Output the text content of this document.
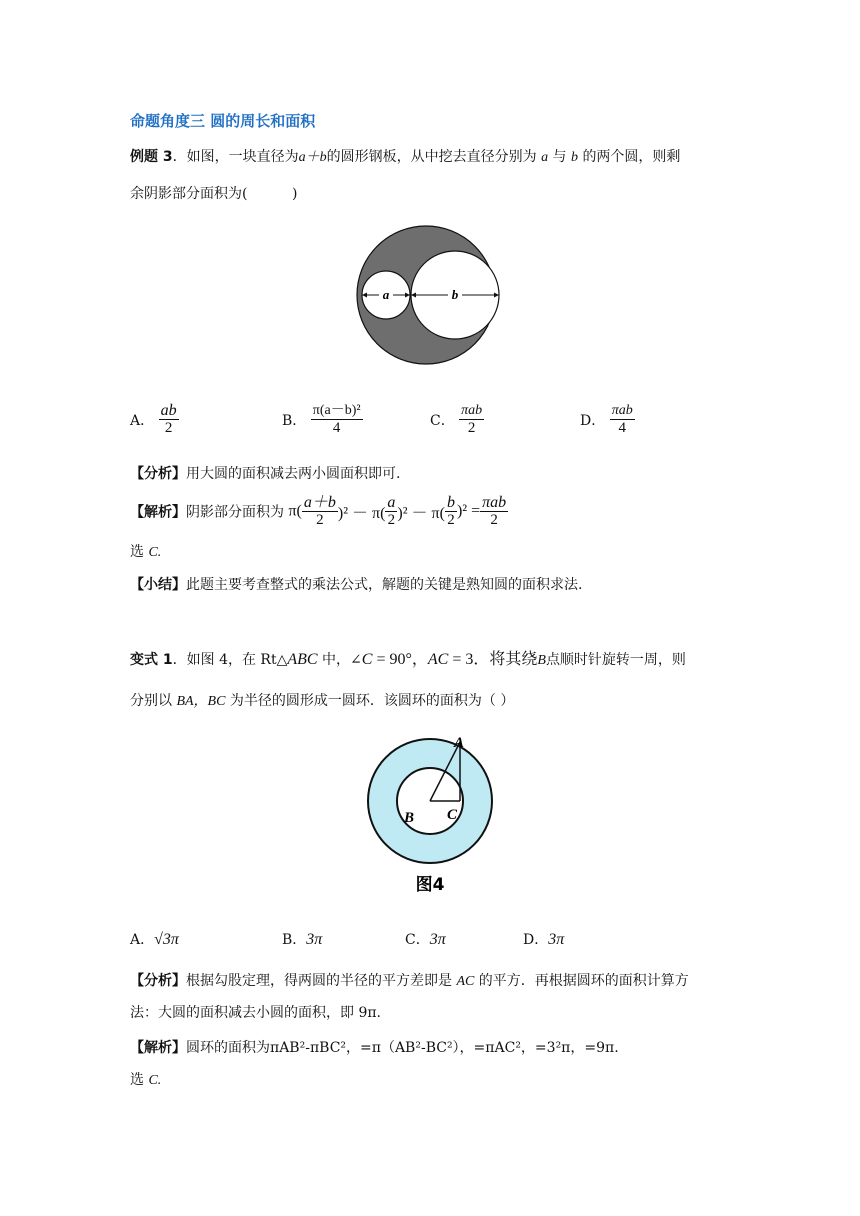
命题角度三 圆的周长和面积
例题 3．如图，一块直径为a＋b的圆形钢板，从中挖去直径分别为 a 与 b 的两个圆，则剩
余阴影部分面积为(          )
a	b
A． $\frac{ab}{2}$	B． $\frac{\text{π(a－b)²}}{4}$	C． $\frac{\text{πab}}{2}$	D． $\frac{\text{πab}}{4}$
【分析】用大圆的面积减去两小圆面积即可.
【解析】阴影部分面积为 $\pi( \frac{a+b}{2} )^2 - \pi( \frac{a}{2} )^2 - \pi( \frac{b}{2} )^2 = \frac{\text{πab}}{2}$
选 C.
【小结】此题主要考查整式的乘法公式，解题的关键是熟知圆的面积求法.
变式 1．如图 4，在 Rt△ABC 中，∠C = 90°，AC = 3．将其绕B点顺时针旋转一周，则
分别以 BA，BC 为半径的圆形成一圆环．该圆环的面积为（ ）
A
B C
图4
A．√3π	B．3π	C．3π	D．3π
【分析】根据勾股定理，得两圆的半径的平方差即是 AC 的平方．再根据圆环的面积计算方
法：大圆的面积减去小圆的面积，即 9π.
【解析】圆环的面积为πAB²-πBC²，=π（AB²-BC²），=πAC²，=3²π，=9π.
选 C.
